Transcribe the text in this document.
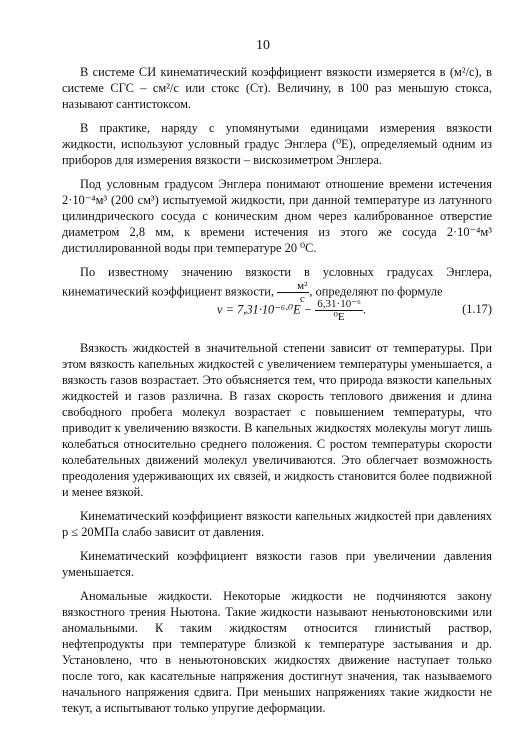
10

В системе СИ кинематический коэффициент вязкости измеряется в (м²/с), в системе СГС – см²/с или стокс (Ст). Величину, в 100 раз меньшую стокса, называют сантистоксом.

В практике, наряду с упомянутыми единицами измерения вязкости жидкости, используют условный градус Энглера (⁰Е), определяемый одним из приборов для измерения вязкости – вискозиметром Энглера.

Под условным градусом Энглера понимают отношение времени истечения 2·10⁻⁴м³ (200 см³) испытуемой жидкости, при данной температуре из латунного цилиндрического сосуда с коническим дном через калиброванное отверстие диаметром 2,8 мм, к времени истечения из этого же сосуда 2·10⁻⁴м³ дистиллированной воды при температуре 20 ⁰С.

По известному значению вязкости в условных градусах Энглера, кинематический коэффициент вязкости, $\frac{\text{м²}}{с}$ , определяют по формуле

$\nu = 7,31\cdot 10^{-6}\cdot^0Е - \frac{\text{6,31·10⁻⁶}}{\text{⁰Е}}$ .	(1.17)

Вязкость жидкостей в значительной степени зависит от температуры. При этом вязкость капельных жидкостей с увеличением температуры уменьшается, а вязкость газов возрастает. Это объясняется тем, что природа вязкости капельных жидкостей и газов различна. В газах скорость теплового движения и длина свободного пробега молекул возрастает с повышением температуры, что приводит к увеличению вязкости. В капельных жидкостях молекулы могут лишь колебаться относительно среднего положения. С ростом температуры скорости колебательных движений молекул увеличиваются. Это облегчает возможность преодоления удерживающих их связей, и жидкость становится более подвижной и менее вязкой.

Кинематический коэффициент вязкости капельных жидкостей при давлениях p ≤ 20МПа слабо зависит от давления.

Кинематический коэффициент вязкости газов при увеличении давления уменьшается.

Аномальные жидкости. Некоторые жидкости не подчиняются закону вязкостного трения Ньютона. Такие жидкости называют неньютоновскими или аномальными. К таким жидкостям относится глинистый раствор, нефтепродукты при температуре близкой к температуре застывания и др. Установлено, что в неньютоновских жидкостях движение наступает только после того, как касательные напряжения достигнут значения, так называемого начального напряжения сдвига. При меньших напряжениях такие жидкости не текут, а испытывают только упругие деформации.
